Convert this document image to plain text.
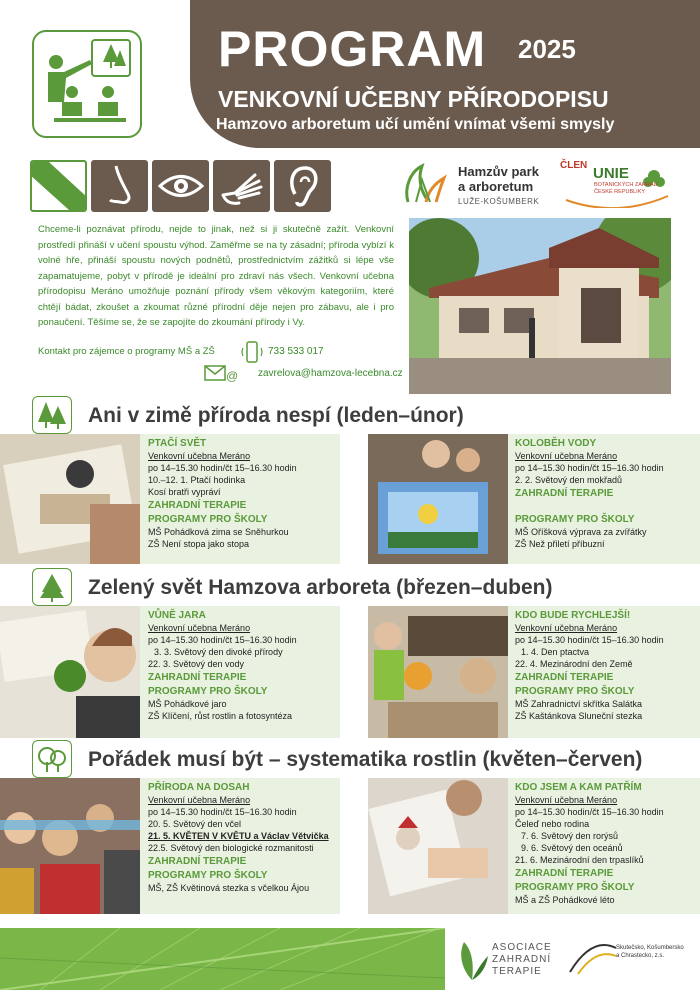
PROGRAM 2025
VENKOVNÍ UČEBNY PŘÍRODOPISU
Hamzovo arboretum učí umění vnímat všemi smysly
Hamzův park
a arboretum
LUŽE-KOŠUMBERK
ČLEN UNIE
BOTANICKÝCH ZAHRAD ČESKÉ REPUBLIKY
Chceme-li poznávat přírodu, nejde to jinak, než si ji skutečně zažít. Venkovní prostředí přináší v učení spoustu výhod. Zaměřme se na ty zásadní; příroda vybízí k volné hře, přináší spoustu nových podnětů, prostřednictvím zážitků si lépe vše zapamatujeme, pobyt v přírodě je ideální pro zdraví nás všech. Venkovní učebna přírodopisu Meráno umožňuje poznání přírody všem věkovým kategoriím, které chtějí bádat, zkoušet a zkoumat různé přírodní děje nejen pro zábavu, ale i pro ponaučení. Těšíme se, že se zapojíte do zkoumání přírody i Vy.
Kontakt pro zájemce o programy MŠ a ZŠ	733 533 017
@ zavrelova@hamzova-lecebna.cz
Ani v zimě příroda nespí (leden–únor)
PTAČÍ SVĚT
Venkovní učebna Meráno
po 14–15.30 hodin/čt 15–16.30 hodin
10.–12. 1. Ptačí hodinka
Kosí bratři vypráví
ZAHRADNÍ TERAPIE
PROGRAMY PRO ŠKOLY
MŠ Pohádková zima se Sněhurkou
ZŠ Není stopa jako stopa
KOLOBĚH VODY
Venkovní učebna Meráno
po 14–15.30 hodin/čt 15–16.30 hodin
2. 2. Světový den mokřadů
ZAHRADNÍ TERAPIE
PROGRAMY PRO ŠKOLY
MŠ Oříšková výprava za zvířátky
ZŠ Než přiletí příbuzní
Zelený svět Hamzova arboreta (březen–duben)
VŮNĚ JARA
Venkovní učebna Meráno
po 14–15.30 hodin/čt 15–16.30 hodin
3. 3. Světový den divoké přírody
22. 3. Světový den vody
ZAHRADNÍ TERAPIE
PROGRAMY PRO ŠKOLY
MŠ Pohádkové jaro
ZŠ Klíčení, růst rostlin a fotosyntéza
KDO BUDE RYCHLEJŠÍ!
Venkovní učebna Meráno
po 14–15.30 hodin/čt 15–16.30 hodin
1. 4. Den ptactva
22. 4. Mezinárodní den Země
ZAHRADNÍ TERAPIE
PROGRAMY PRO ŠKOLY
MŠ Zahradnictví skřítka Salátka
ZŠ Kaštánkova Sluneční stezka
Pořádek musí být – systematika rostlin (květen–červen)
PŘÍRODA NA DOSAH
Venkovní učebna Meráno
po 14–15.30 hodin/čt 15–16.30 hodin
20. 5. Světový den včel
21. 5. KVĚTEN V KVĚTU a Václav Větvička
22.5. Světový den biologické rozmanitosti
ZAHRADNÍ TERAPIE
PROGRAMY PRO ŠKOLY
MŠ, ZŠ Květinová stezka s včelkou Ájou
KDO JSEM A KAM PATŘÍM
Venkovní učebna Meráno
po 14–15.30 hodin/čt 15–16.30 hodin
Čeleď nebo rodina
7. 6. Světový den rorýsů
9. 6. Světový den oceánů
21. 6. Mezinárodní den trpaslíků
ZAHRADNÍ TERAPIE
PROGRAMY PRO ŠKOLY
MŠ a ZŠ Pohádkové léto
ASOCIACE
ZAHRADNÍ
TERAPIE
Skutečsko, Košumbersko
a Chrastecko, z.s.
